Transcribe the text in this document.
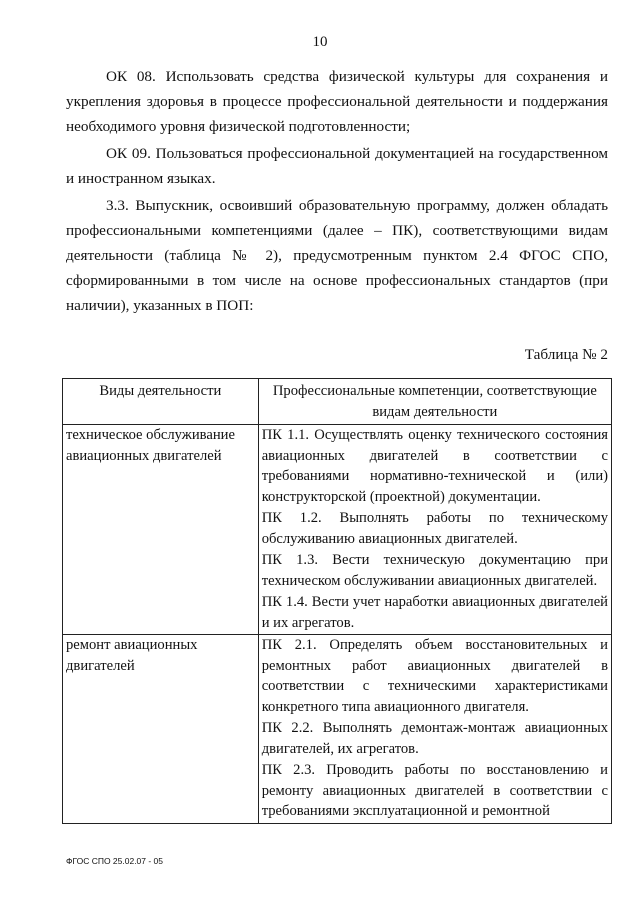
10

ОК 08. Использовать средства физической культуры для сохранения и укрепления здоровья в процессе профессиональной деятельности и поддержания необходимого уровня физической подготовленности;

ОК 09. Пользоваться профессиональной документацией на государственном и иностранном языках.

3.3. Выпускник, освоивший образовательную программу, должен обладать профессиональными компетенциями (далее – ПК), соответствующими видам деятельности (таблица № 2), предусмотренным пунктом 2.4 ФГОС СПО, сформированными в том числе на основе профессиональных стандартов (при наличии), указанных в ПОП:

Таблица № 2
Виды деятельности	Профессиональные компетенции, соответствующие видам деятельности
техническое обслуживание авиационных двигателей	ПК 1.1. Осуществлять оценку технического состояния авиационных двигателей в соответствии с требованиями нормативно-технической и (или) конструкторской (проектной) документации.

ПК 1.2. Выполнять работы по техническому обслуживанию авиационных двигателей.

ПК 1.3. Вести техническую документацию при техническом обслуживании авиационных двигателей.

ПК 1.4. Вести учет наработки авиационных двигателей и их агрегатов.

ремонт авиационных двигателей	ПК 2.1. Определять объем восстановительных и ремонтных работ авиационных двигателей в соответствии с техническими характеристиками конкретного типа авиационного двигателя.

ПК 2.2. Выполнять демонтаж-монтаж авиационных двигателей, их агрегатов.

ПК 2.3. Проводить работы по восстановлению и ремонту авиационных двигателей в соответствии с требованиями эксплуатационной и ремонтной

ФГОС СПО 25.02.07 - 05
